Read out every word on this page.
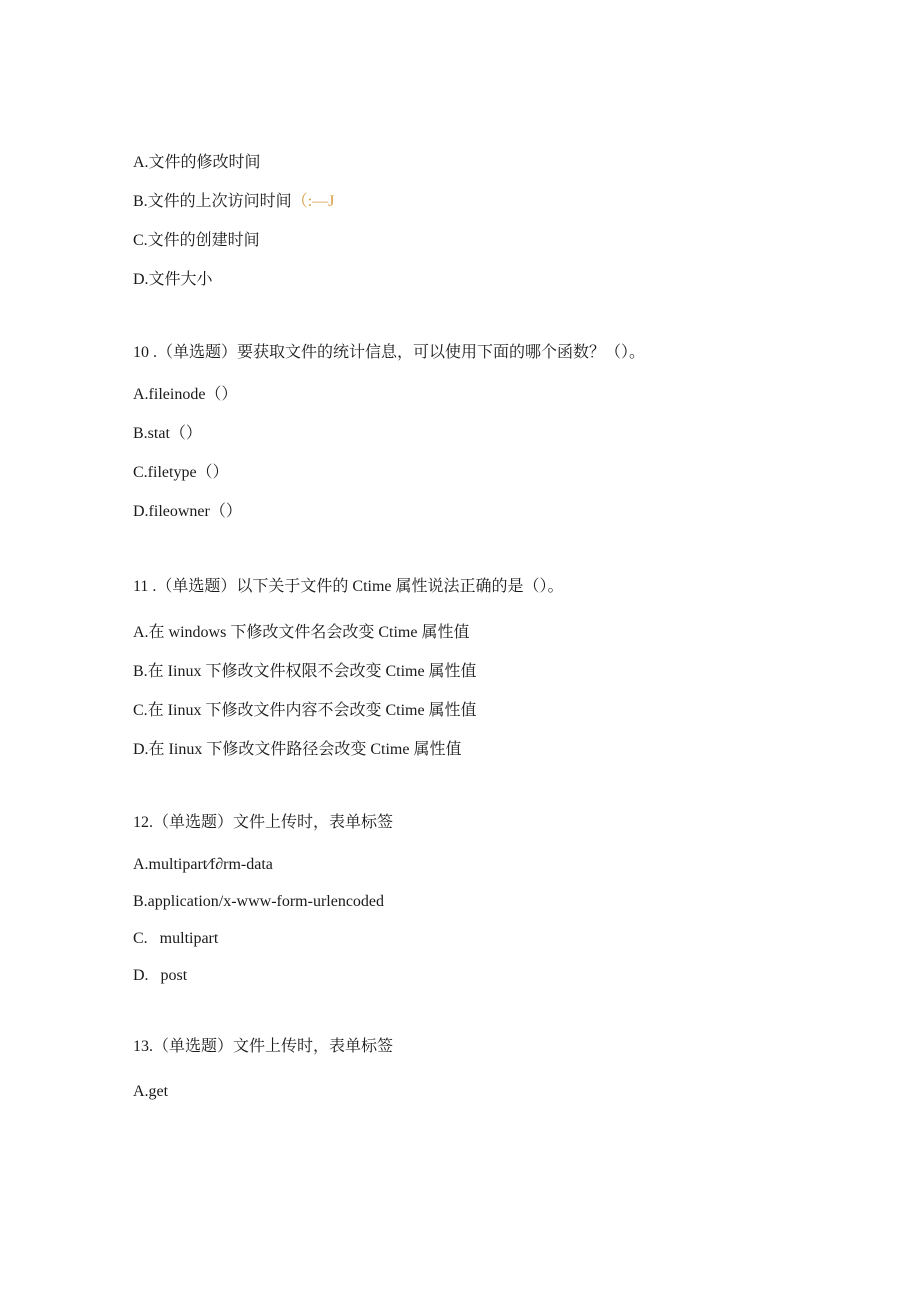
A.文件的修改时间
B.文件的上次访问时间（:—J
C.文件的创建时间
D.文件大小
10 .（单选题）要获取文件的统计信息，可以使用下面的哪个函数？（）。
A.fileinode（）
B.stat（）
C.filetype（）
D.fileowner（）
11 .（单选题）以下关于文件的 Ctime 属性说法正确的是（）。
A.在 windows 下修改文件名会改变 Ctime 属性值
B.在 Iinux 下修改文件权限不会改变 Ctime 属性值
C.在 Iinux 下修改文件内容不会改变 Ctime 属性值
D.在 Iinux 下修改文件路径会改变 Ctime 属性值
12.（单选题）文件上传时，表单标签
A.multipart∕f∂rm-data
B.application/x-www-form-urlencoded
C.   multipart
D.   post
13.（单选题）文件上传时，表单标签
A.get
